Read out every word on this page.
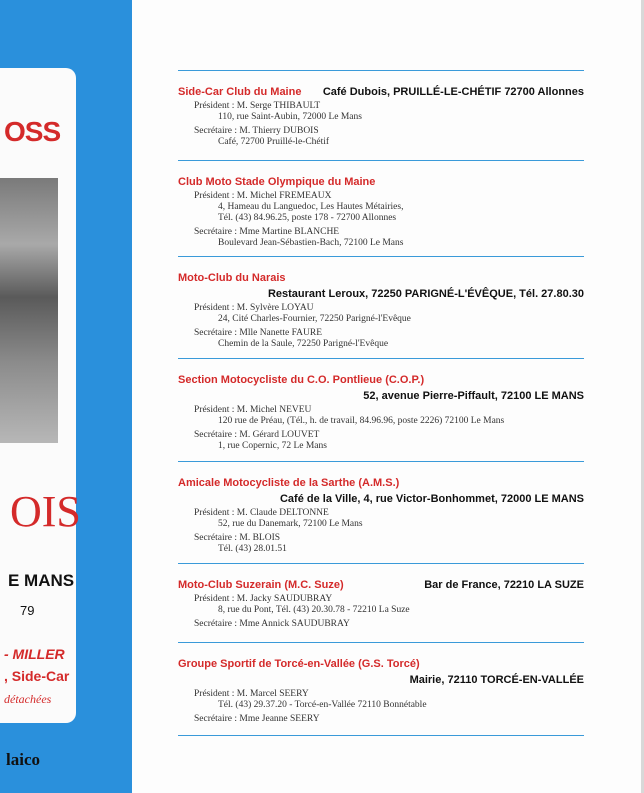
OSS
OIS
E MANS
79
- MILLER
, Side-Car
détachées
laico
Side-Car Club du Maine Café Dubois, PRUILLÉ-LE-CHÉTIF 72700 Allonnes
Président : M. Serge THIBAULT
110, rue Saint-Aubin, 72000 Le Mans
Secrétaire : M. Thierry DUBOIS
Café, 72700 Pruillé-le-Chétif
Club Moto Stade Olympique du Maine
Président : M. Michel FREMEAUX
4, Hameau du Languedoc, Les Hautes Métairies,
Tél. (43) 84.96.25, poste 178 - 72700 Allonnes
Secrétaire : Mme Martine BLANCHE
Boulevard Jean-Sébastien-Bach, 72100 Le Mans
Moto-Club du Narais
Restaurant Leroux, 72250 PARIGNÉ-L'ÉVÊQUE, Tél. 27.80.30
Président : M. Sylvère LOYAU
24, Cité Charles-Fournier, 72250 Parigné-l'Evêque
Secrétaire : Mlle Nanette FAURE
Chemin de la Saule, 72250 Parigné-l'Evêque
Section Motocycliste du C.O. Pontlieue (C.O.P.)
52, avenue Pierre-Piffault, 72100 LE MANS
Président : M. Michel NEVEU
120 rue de Préau, (Tél., h. de travail, 84.96.96, poste 2226) 72100 Le Mans
Secrétaire : M. Gérard LOUVET
1, rue Copernic, 72 Le Mans
Amicale Motocycliste de la Sarthe (A.M.S.)
Café de la Ville, 4, rue Victor-Bonhommet, 72000 LE MANS
Président : M. Claude DELTONNE
52, rue du Danemark, 72100 Le Mans
Secrétaire : M. BLOIS
Tél. (43) 28.01.51
Moto-Club Suzerain (M.C. Suze)	Bar de France, 72210 LA SUZE
Président : M. Jacky SAUDUBRAY
8, rue du Pont, Tél. (43) 20.30.78 - 72210 La Suze
Secrétaire : Mme Annick SAUDUBRAY
Groupe Sportif de Torcé-en-Vallée (G.S. Torcé)
Mairie, 72110 TORCÉ-EN-VALLÉE
Président : M. Marcel SEERY
Tél. (43) 29.37.20 - Torcé-en-Vallée 72110 Bonnétable
Secrétaire : Mme Jeanne SEERY
